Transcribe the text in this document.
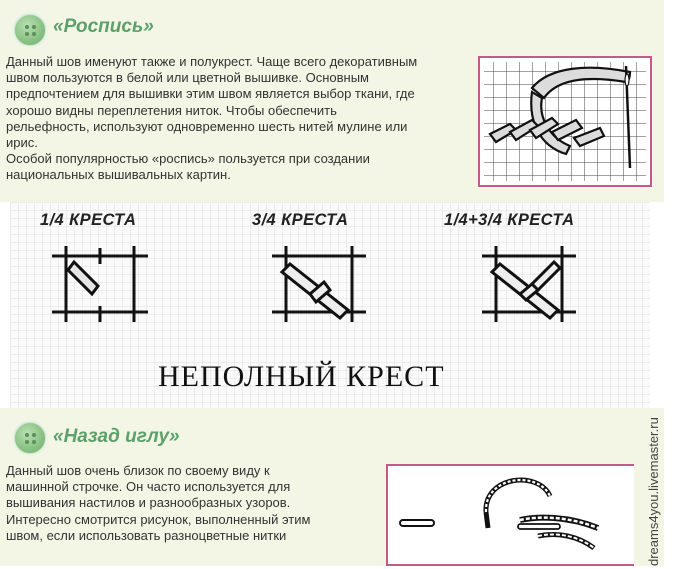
«Роспись»

Данный шов именуют также и полукрест. Чаще всего декоративным
швом пользуются в белой или цветной вышивке. Основным
предпочтением для вышивки этим швом является выбор ткани, где
хорошо видны переплетения ниток. Чтобы обеспечить
рельефность, используют одновременно шесть нитей мулине или
ирис.
Особой популярностью «роспись» пользуется при создании
национальных вышивальных картин.

1/4 КРЕСТА	3/4 КРЕСТА	1/4+3/4 КРЕСТА
НЕПОЛНЫЙ КРЕСТ
«Назад иглу»

Данный шов очень близок по своему виду к
машинной строчке. Он часто используется для
вышивания настилов и разнообразных узоров.
Интересно смотрится рисунок, выполненный этим
швом, если использовать разноцветные нитки	dreams4you.livemaster.ru
